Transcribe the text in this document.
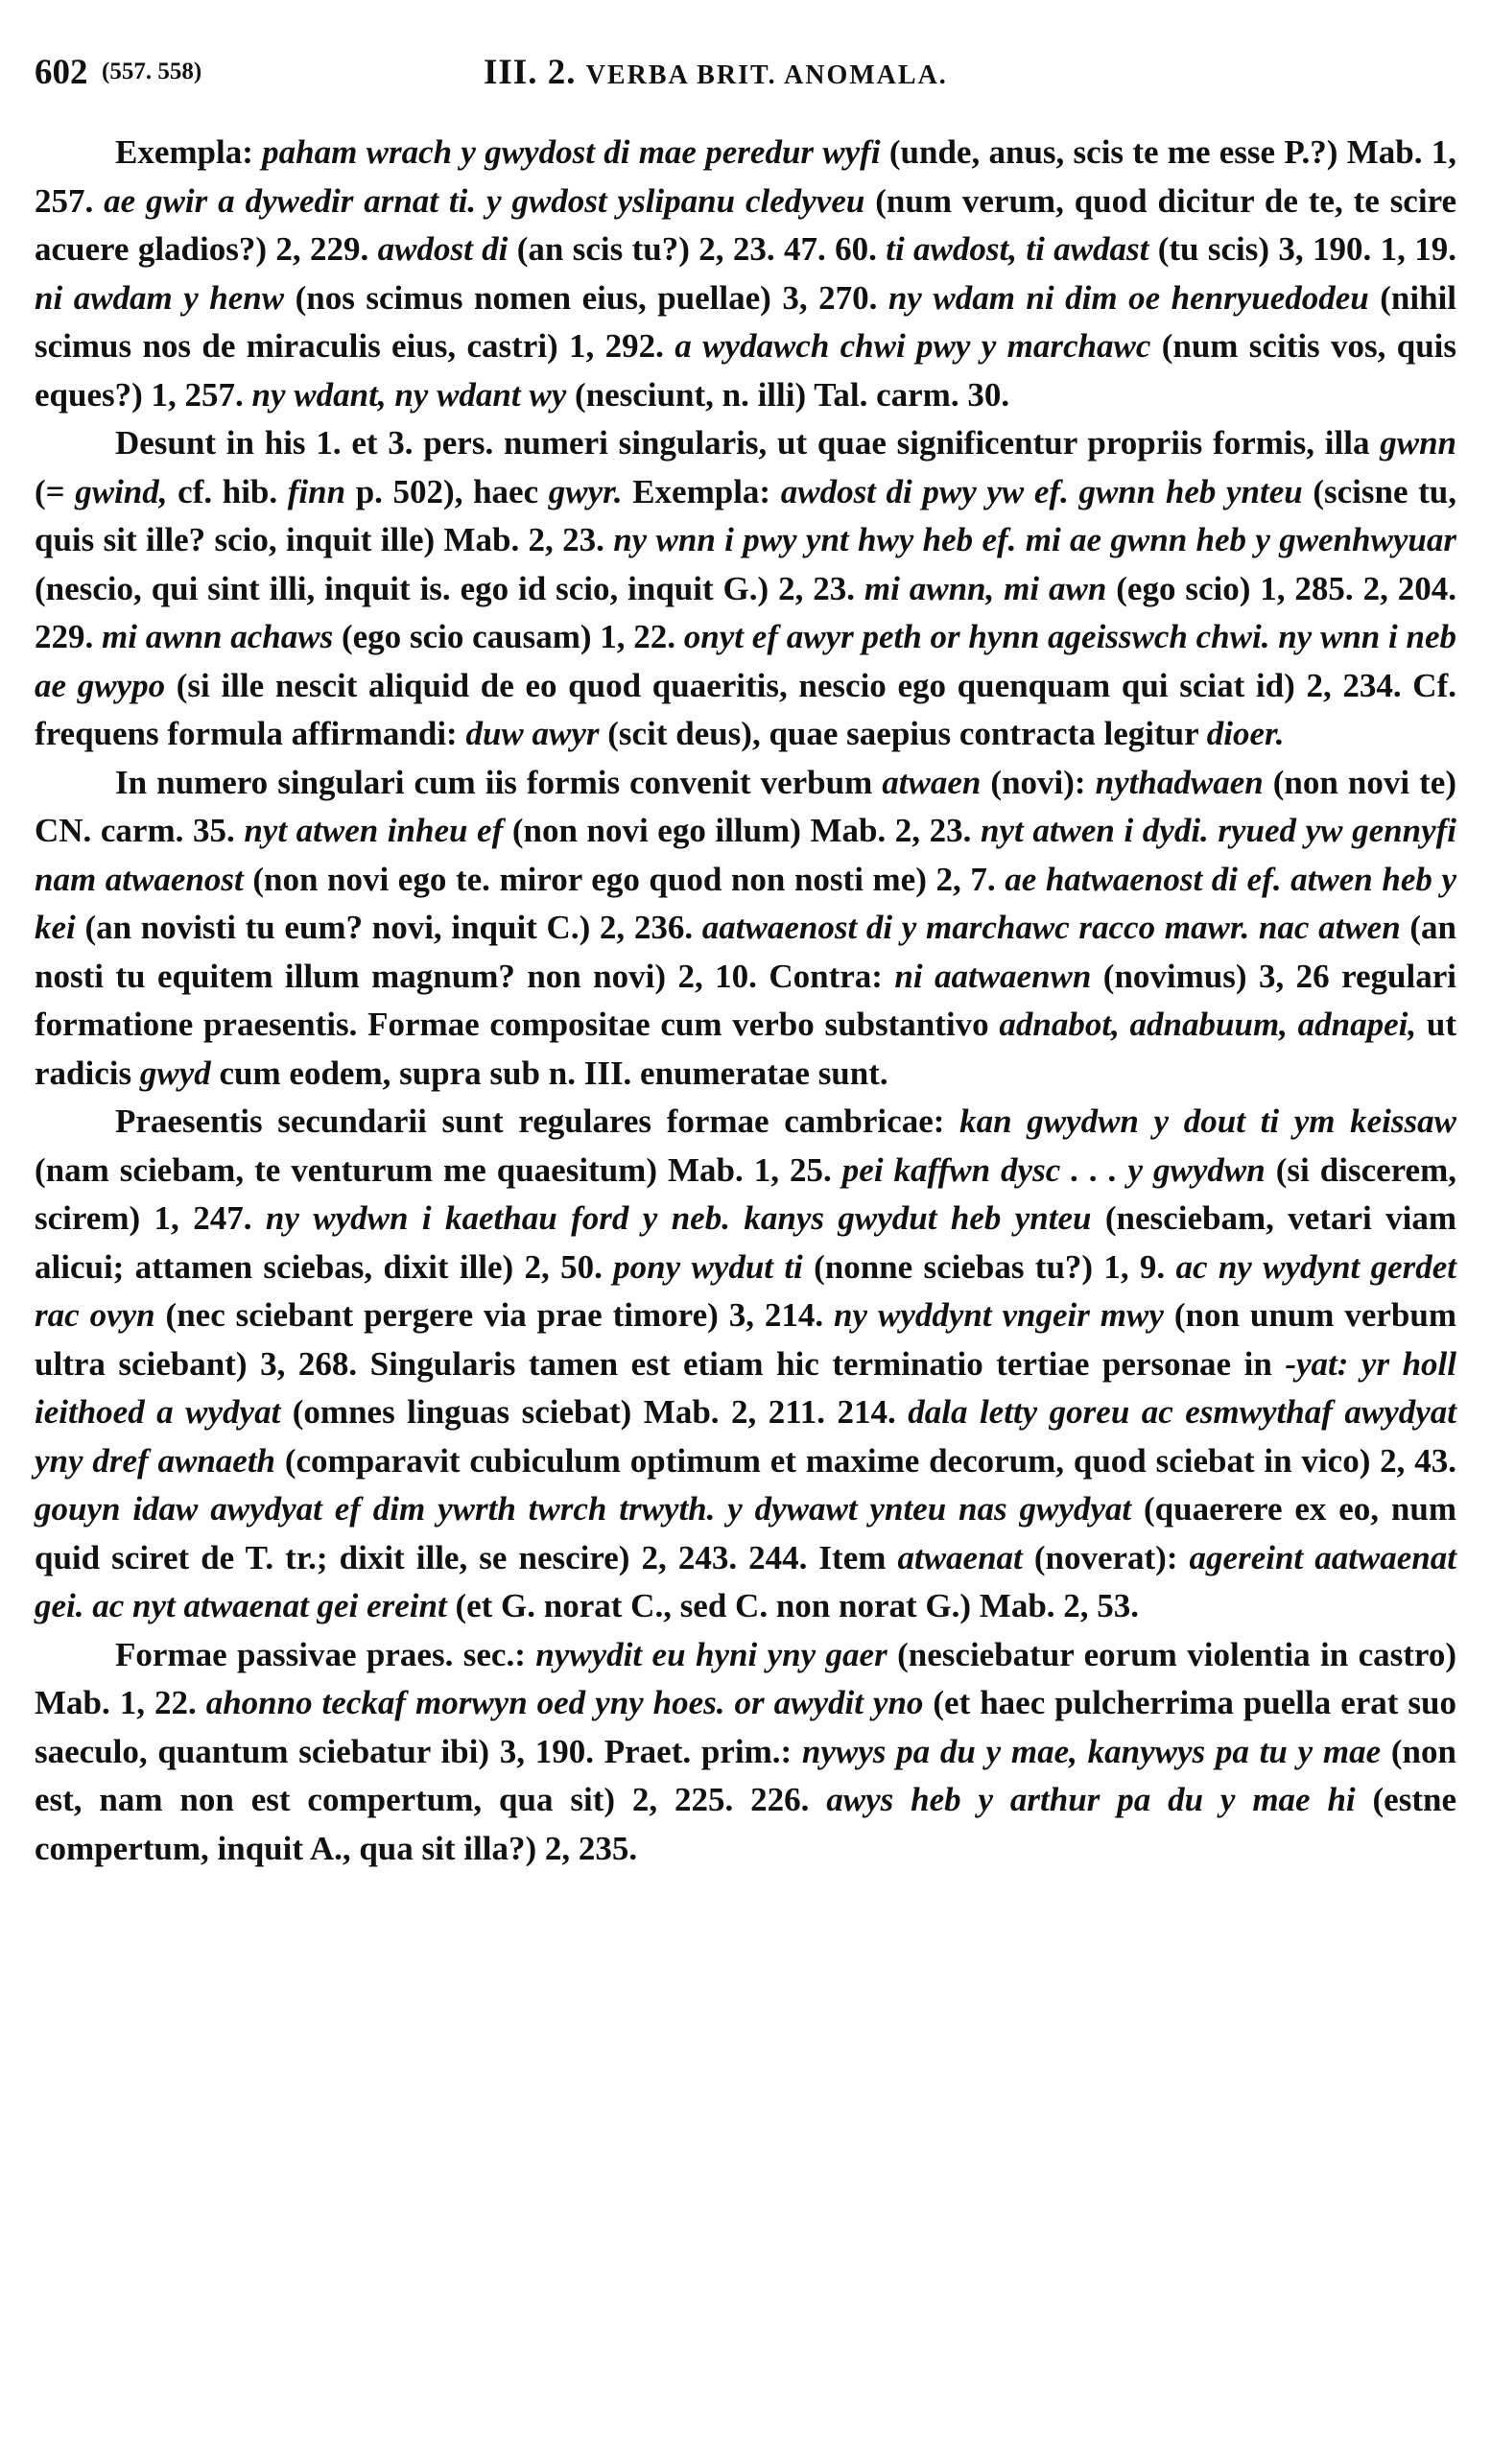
602 (557. 558)	III. 2. VERBA BRIT. ANOMALA.

Exempla: paham wrach y gwydost di mae peredur wyfi (unde, anus, scis te me esse P.?) Mab. 1, 257. ae gwir a dywedir arnat ti. y gwdost yslipanu cledyveu (num verum, quod dicitur de te, te scire acuere gladios?) 2, 229. awdost di (an scis tu?) 2, 23. 47. 60. ti awdost, ti awdast (tu scis) 3, 190. 1, 19. ni awdam y henw (nos scimus nomen eius, puellae) 3, 270. ny wdam ni dim oe henryuedodeu (nihil scimus nos de miraculis eius, castri) 1, 292. a wydawch chwi pwy y marchawc (num scitis vos, quis eques?) 1, 257. ny wdant, ny wdant wy (nesciunt, n. illi) Tal. carm. 30.

Desunt in his 1. et 3. pers. numeri singularis, ut quae significentur propriis formis, illa gwnn (= gwind, cf. hib. finn p. 502), haec gwyr. Exempla: awdost di pwy yw ef. gwnn heb ynteu (scisne tu, quis sit ille? scio, inquit ille) Mab. 2, 23. ny wnn i pwy ynt hwy heb ef. mi ae gwnn heb y gwenhwyuar (nescio, qui sint illi, inquit is. ego id scio, inquit G.) 2, 23. mi awnn, mi awn (ego scio) 1, 285. 2, 204. 229. mi awnn achaws (ego scio causam) 1, 22. onyt ef awyr peth or hynn ageisswch chwi. ny wnn i neb ae gwypo (si ille nescit aliquid de eo quod quaeritis, nescio ego quenquam qui sciat id) 2, 234. Cf. frequens formula affirmandi: duw awyr (scit deus), quae saepius contracta legitur dioer.

In numero singulari cum iis formis convenit verbum atwaen (novi): nythadwaen (non novi te) CN. carm. 35. nyt atwen inheu ef (non novi ego illum) Mab. 2, 23. nyt atwen i dydi. ryued yw gennyfi nam atwaenost (non novi ego te. miror ego quod non nosti me) 2, 7. ae hatwaenost di ef. atwen heb y kei (an novisti tu eum? novi, inquit C.) 2, 236. aatwaenost di y marchawc racco mawr. nac atwen (an nosti tu equitem illum magnum? non novi) 2, 10. Contra: ni aatwaenwn (novimus) 3, 26 regulari formatione praesentis. Formae compositae cum verbo substantivo adnabot, adnabuum, adnapei, ut radicis gwyd cum eodem, supra sub n. III. enumeratae sunt.

Praesentis secundarii sunt regulares formae cambricae: kan gwydwn y dout ti ym keissaw (nam sciebam, te venturum me quaesitum) Mab. 1, 25. pei kaffwn dysc . . . y gwydwn (si discerem, scirem) 1, 247. ny wydwn i kaethau ford y neb. kanys gwydut heb ynteu (nesciebam, vetari viam alicui; attamen sciebas, dixit ille) 2, 50. pony wydut ti (nonne sciebas tu?) 1, 9. ac ny wydynt gerdet rac ovyn (nec sciebant pergere via prae timore) 3, 214. ny wyddynt vngeir mwy (non unum verbum ultra sciebant) 3, 268. Singularis tamen est etiam hic terminatio tertiae personae in -yat: yr holl ieithoed a wydyat (omnes linguas sciebat) Mab. 2, 211. 214. dala letty goreu ac esmwythaf awydyat yny dref awnaeth (comparavit cubiculum optimum et maxime decorum, quod sciebat in vico) 2, 43. gouyn idaw awydyat ef dim ywrth twrch trwyth. y dywawt ynteu nas gwydyat (quaerere ex eo, num quid sciret de T. tr.; dixit ille, se nescire) 2, 243. 244. Item atwaenat (noverat): agereint aatwaenat gei. ac nyt atwaenat gei ereint (et G. norat C., sed C. non norat G.) Mab. 2, 53.

Formae passivae praes. sec.: nywydit eu hyni yny gaer (nesciebatur eorum violentia in castro) Mab. 1, 22. ahonno teckaf morwyn oed yny hoes. or awydit yno (et haec pulcherrima puella erat suo saeculo, quantum sciebatur ibi) 3, 190. Praet. prim.: nywys pa du y mae, kanywys pa tu y mae (non est, nam non est compertum, qua sit) 2, 225. 226. awys heb y arthur pa du y mae hi (estne compertum, inquit A., qua sit illa?) 2, 235.
